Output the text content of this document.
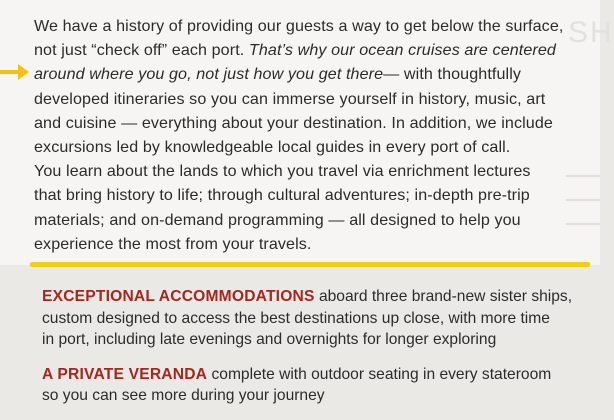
SH
We have a history of providing our guests a way to get below the surface,
not just “check off” each port. That’s why our ocean cruises are centered
around where you go, not just how you get there— with thoughtfully
developed itineraries so you can immerse yourself in history, music, art
and cuisine — everything about your destination. In addition, we include
excursions led by knowledgeable local guides in every port of call.
You learn about the lands to which you travel via enrichment lectures
that bring history to life; through cultural adventures; in-depth pre-trip
materials; and on-demand programming — all designed to help you
experience the most from your travels.
EXCEPTIONAL ACCOMMODATIONS aboard three brand-new sister ships,
custom designed to access the best destinations up close, with more time
in port, including late evenings and overnights for longer exploring
A PRIVATE VERANDA complete with outdoor seating in every stateroom
so you can see more during your journey
